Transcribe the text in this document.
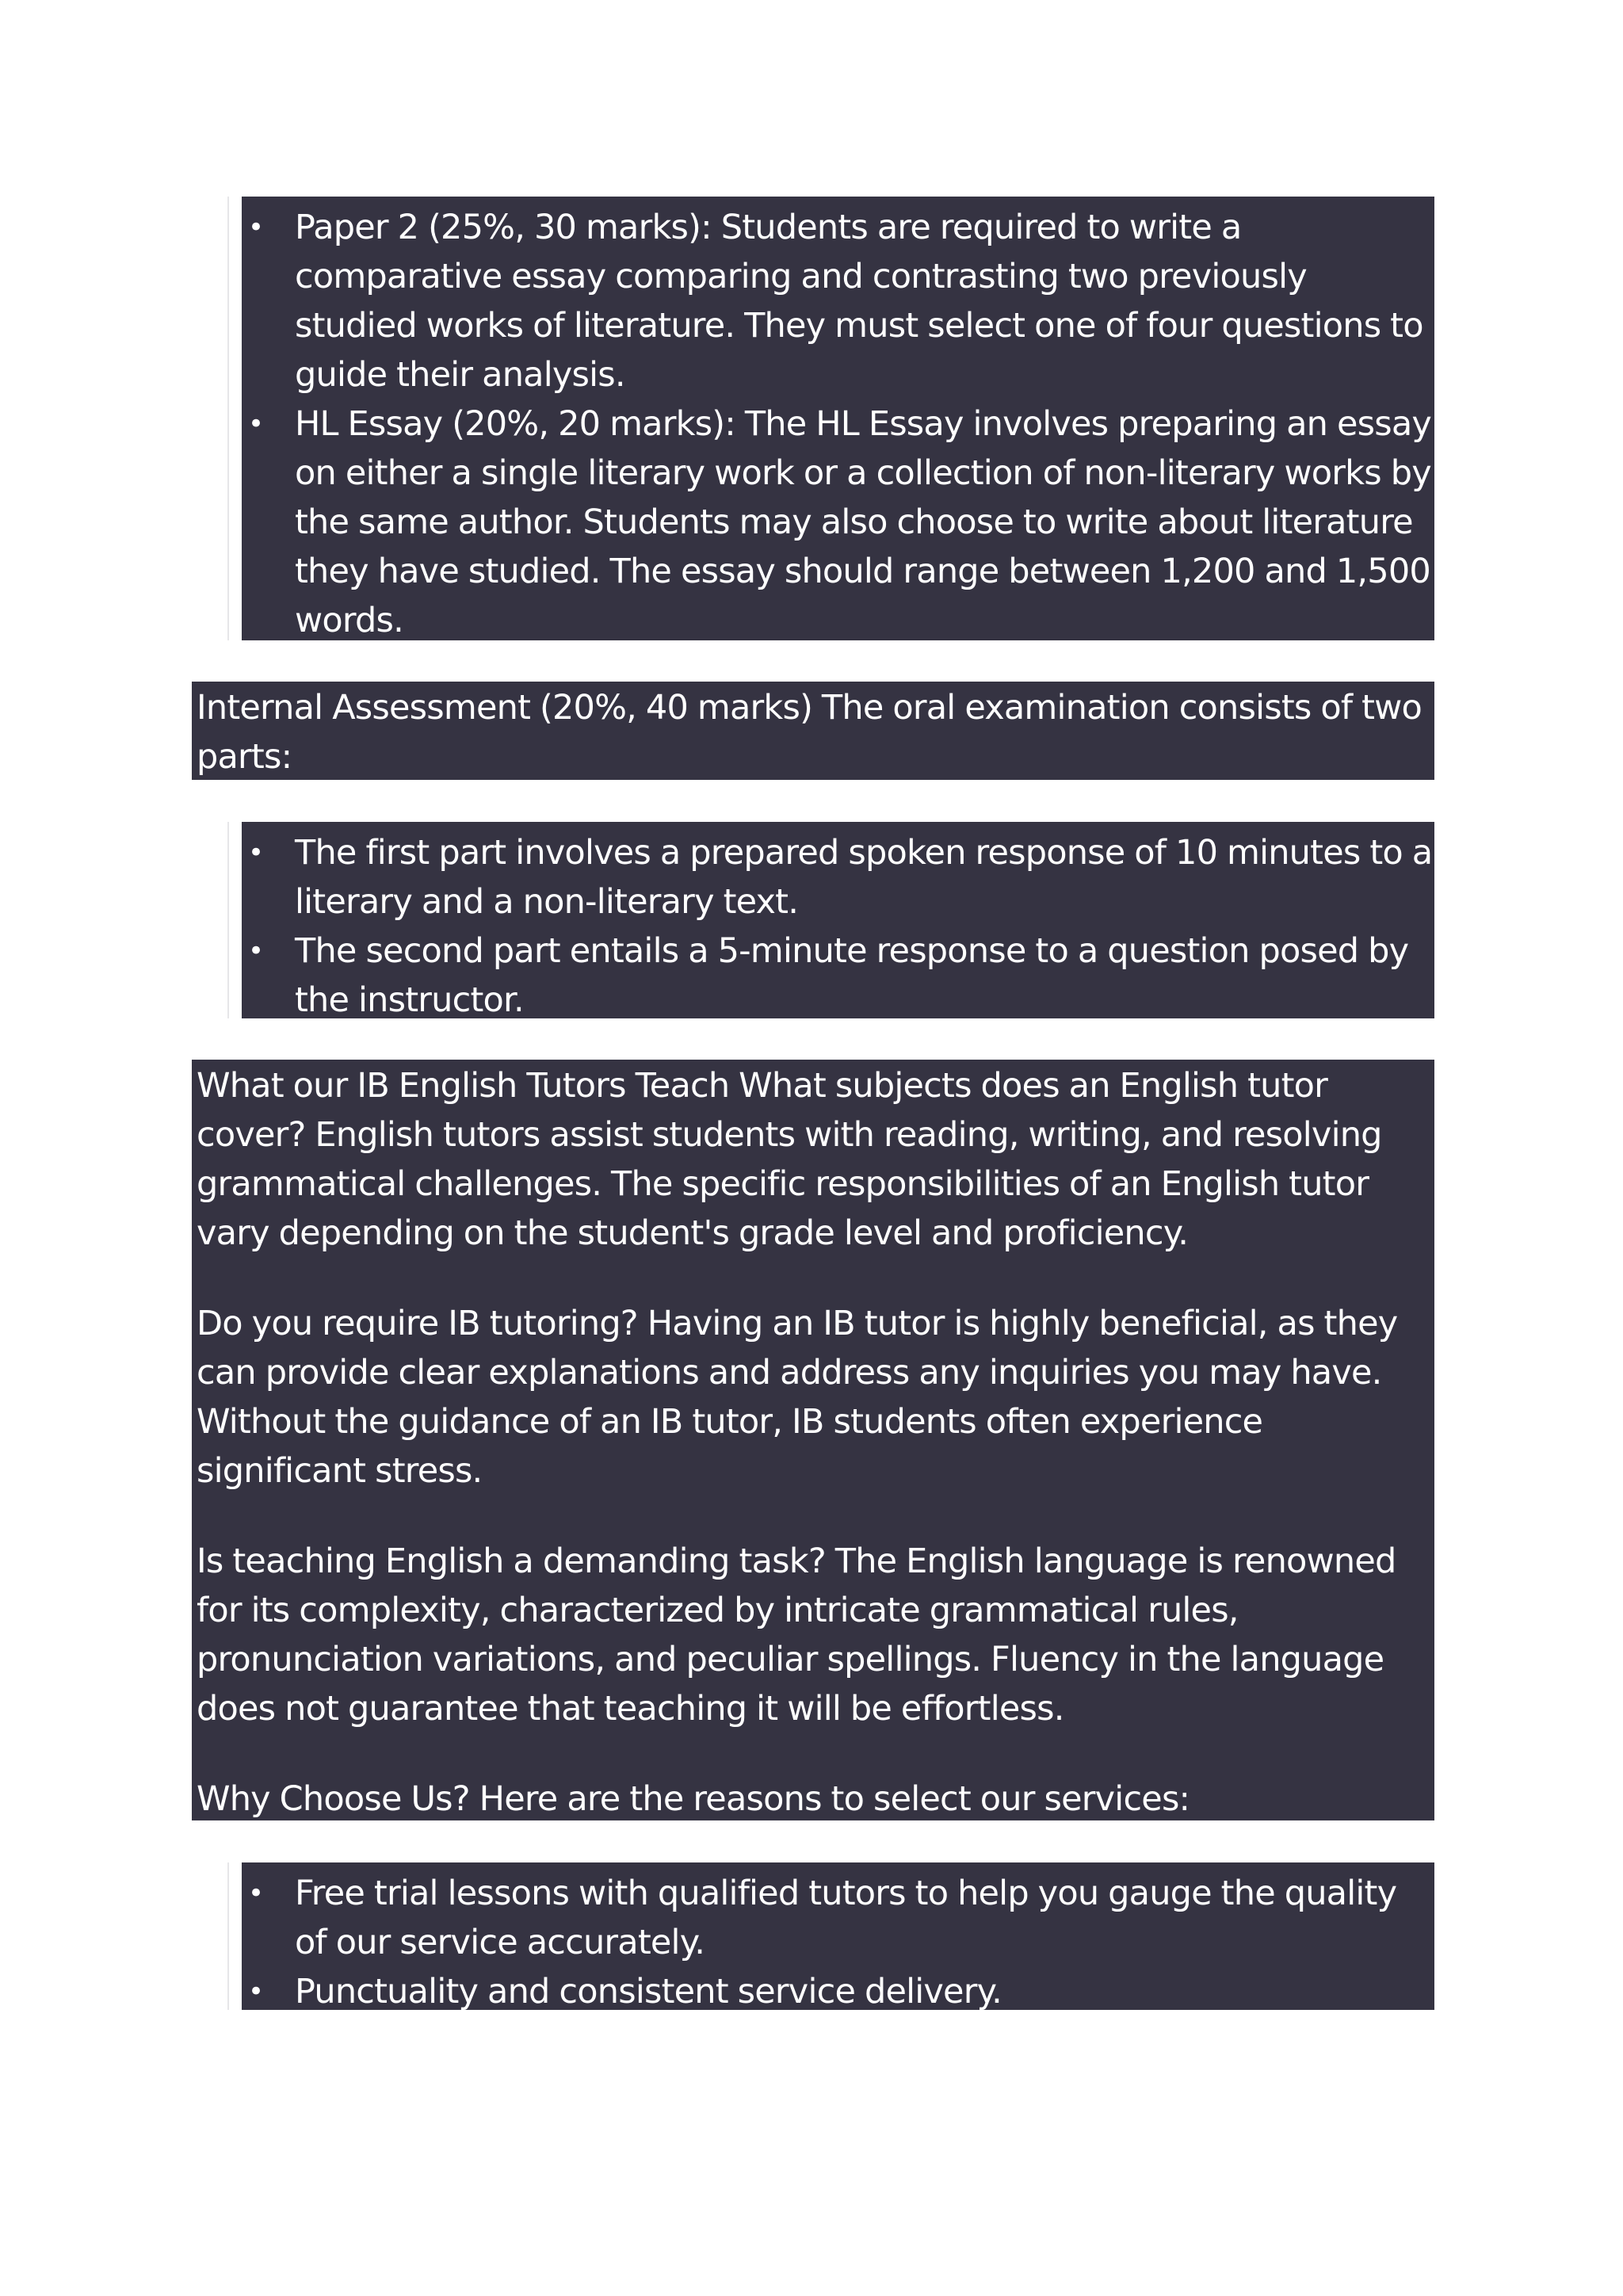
• Paper 2 (25%, 30 marks): Students are required to write a comparative essay comparing and contrasting two previously studied works of literature. They must select one of four questions to guide their analysis.
• HL Essay (20%, 20 marks): The HL Essay involves preparing an essay on either a single literary work or a collection of non-literary works by the same author. Students may also choose to write about literature they have studied. The essay should range between 1,200 and 1,500 words.

Internal Assessment (20%, 40 marks) The oral examination consists of two parts:

• The first part involves a prepared spoken response of 10 minutes to a literary and a non-literary text.
• The second part entails a 5-minute response to a question posed by the instructor.

What our IB English Tutors Teach What subjects does an English tutor cover? English tutors assist students with reading, writing, and resolving grammatical challenges. The specific responsibilities of an English tutor vary depending on the student's grade level and proficiency.

Do you require IB tutoring? Having an IB tutor is highly beneficial, as they can provide clear explanations and address any inquiries you may have. Without the guidance of an IB tutor, IB students often experience significant stress.

Is teaching English a demanding task? The English language is renowned for its complexity, characterized by intricate grammatical rules, pronunciation variations, and peculiar spellings. Fluency in the language does not guarantee that teaching it will be effortless.

Why Choose Us? Here are the reasons to select our services:

• Free trial lessons with qualified tutors to help you gauge the quality of our service accurately.
• Punctuality and consistent service delivery.
